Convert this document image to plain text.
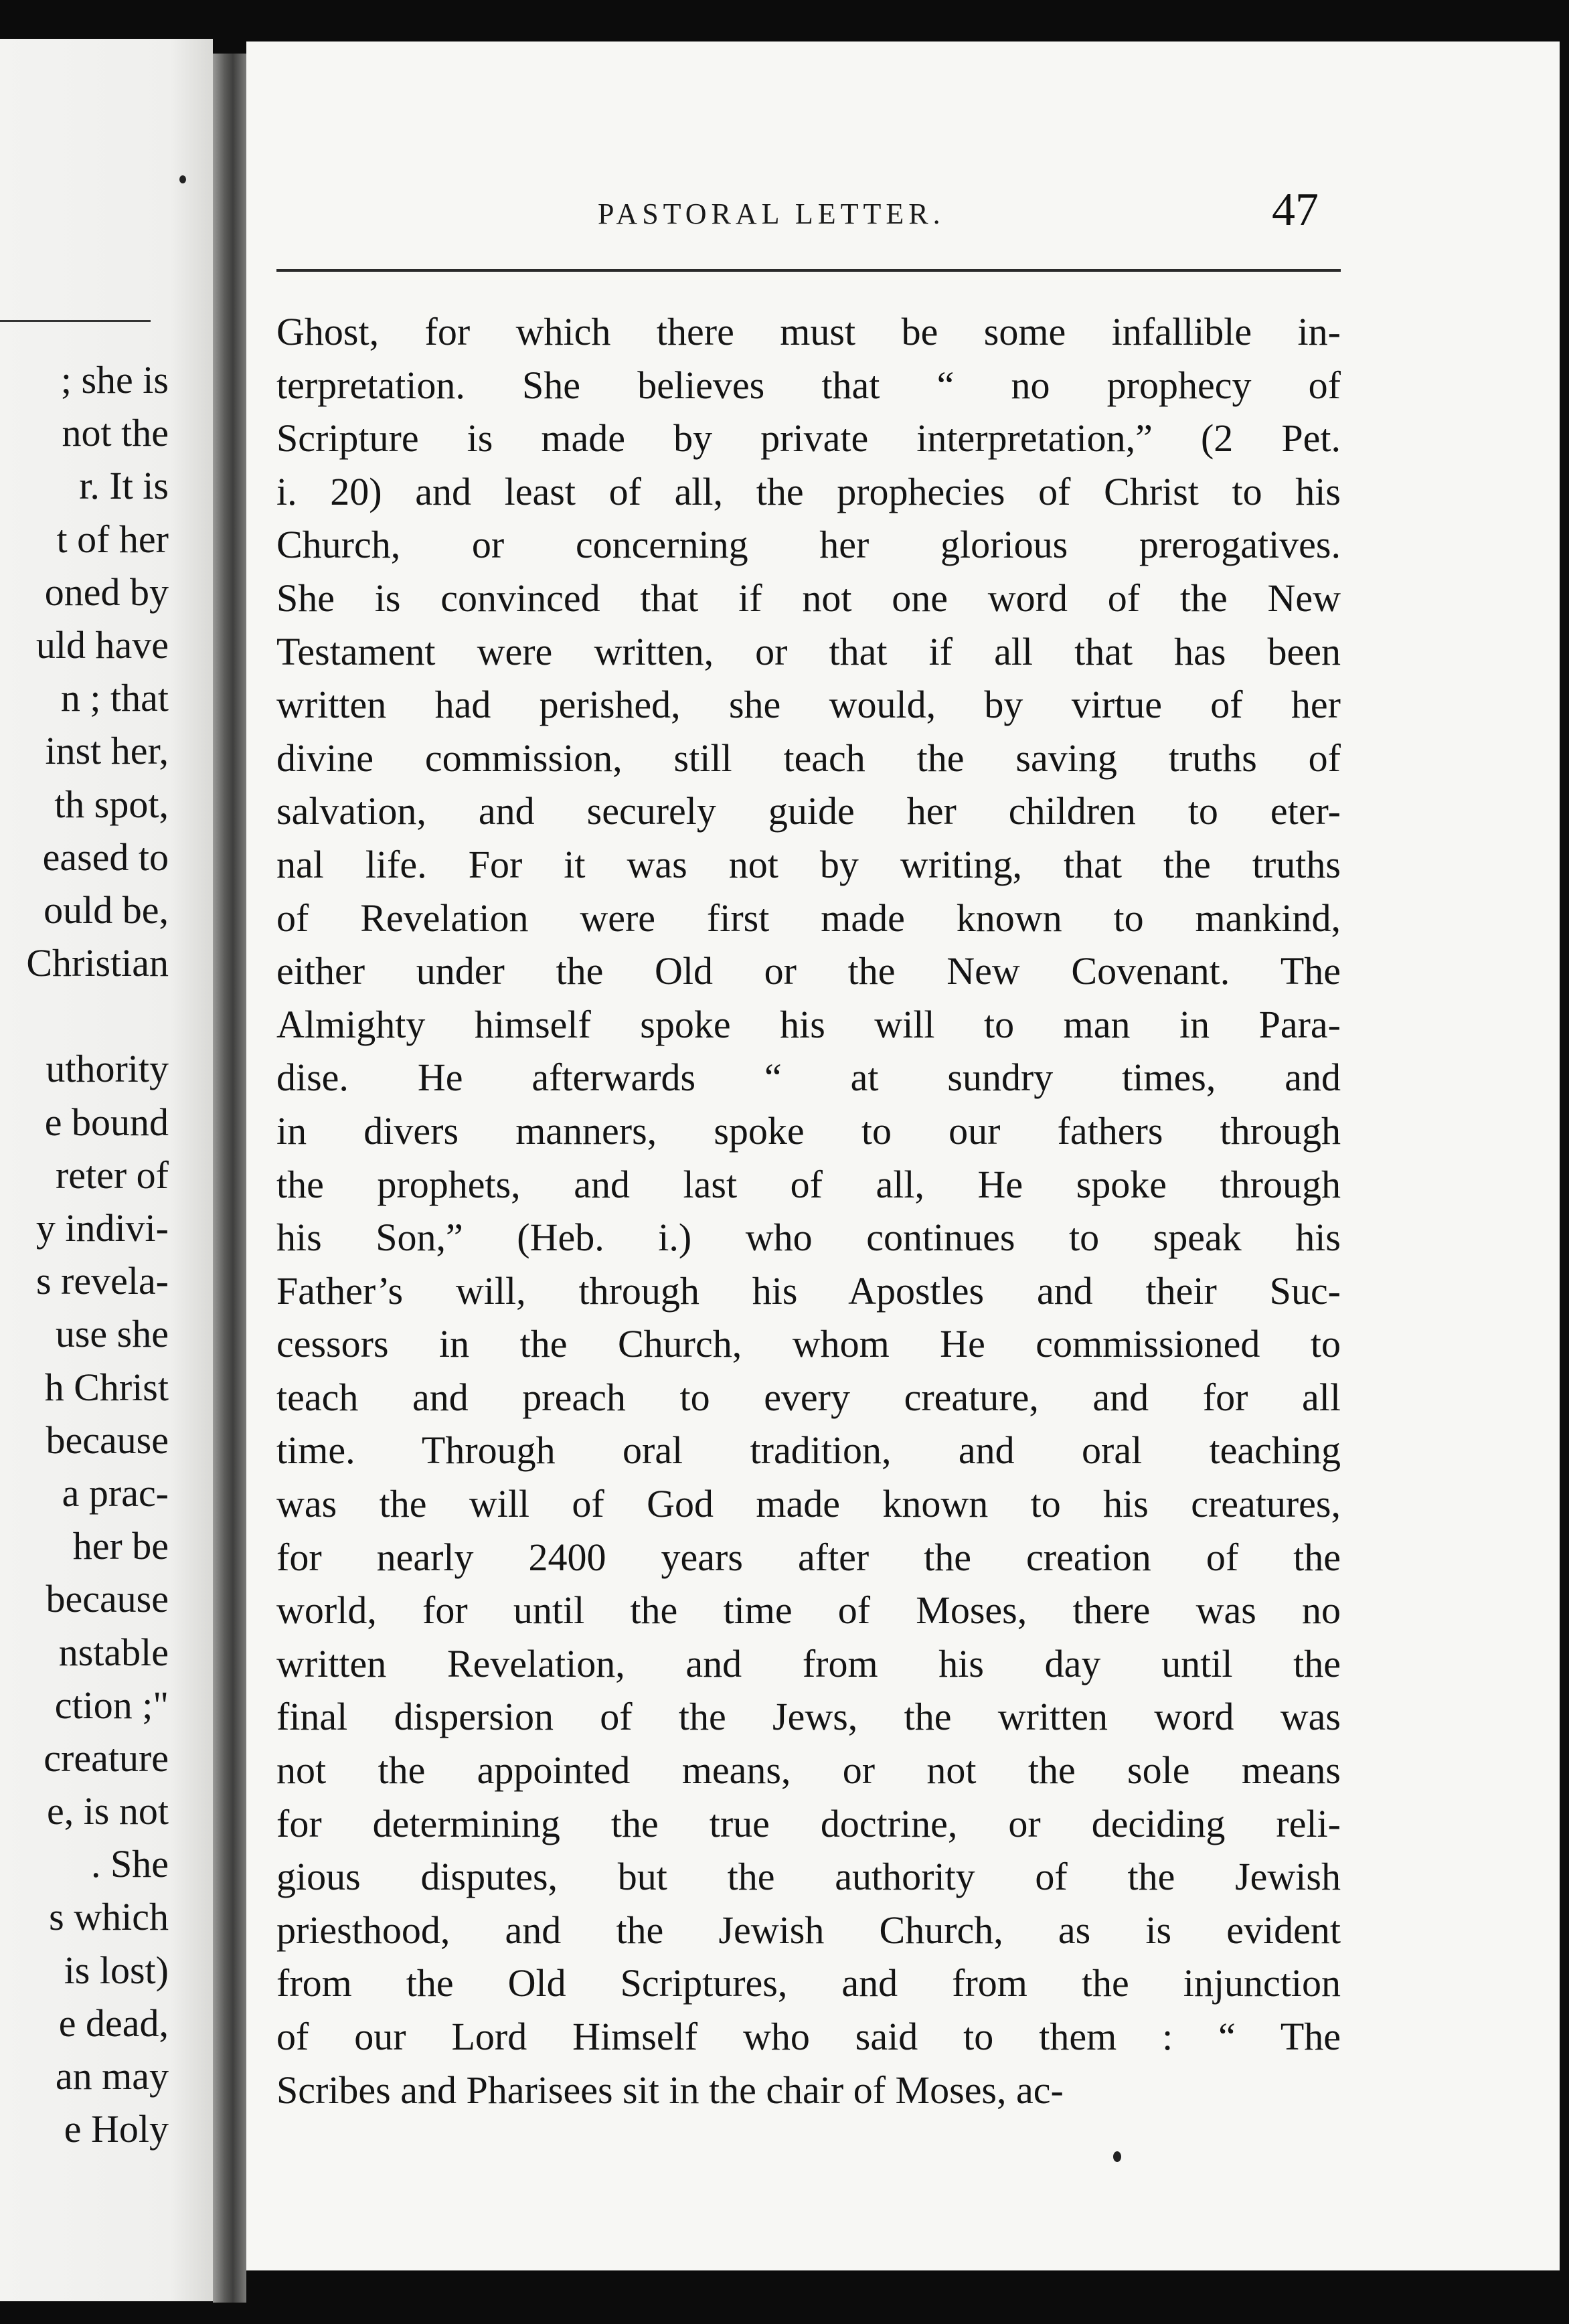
; she is
not the
r. It is
t of her
oned by
uld have
n ; that
inst her,
th spot,
eased to
ould be,
Christian
uthority
e bound
reter of
y indivi-
s revela-
use she
h Christ
because
a prac-
her be
because
nstable
ction ;"
creature
e, is not
. She
s which
is lost)
e dead,
an may
e Holy
PASTORAL LETTER.	47
Ghost, for which there must be some infallible in-
terpretation. She believes that “ no prophecy of
Scripture is made by private interpretation,” (2 Pet.
i. 20) and least of all, the prophecies of Christ to his
Church, or concerning her glorious prerogatives.
She is convinced that if not one word of the New
Testament were written, or that if all that has been
written had perished, she would, by virtue of her
divine commission, still teach the saving truths of
salvation, and securely guide her children to eter-
nal life. For it was not by writing, that the truths
of Revelation were first made known to mankind,
either under the Old or the New Covenant. The
Almighty himself spoke his will to man in Para-
dise. He afterwards “ at sundry times, and
in divers manners, spoke to our fathers through
the prophets, and last of all, He spoke through
his Son,” (Heb. i.) who continues to speak his
Father’s will, through his Apostles and their Suc-
cessors in the Church, whom He commissioned to
teach and preach to every creature, and for all
time. Through oral tradition, and oral teaching
was the will of God made known to his creatures,
for nearly 2400 years after the creation of the
world, for until the time of Moses, there was no
written Revelation, and from his day until the
final dispersion of the Jews, the written word was
not the appointed means, or not the sole means
for determining the true doctrine, or deciding reli-
gious disputes, but the authority of the Jewish
priesthood, and the Jewish Church, as is evident
from the Old Scriptures, and from the injunction
of our Lord Himself who said to them : “ The
Scribes and Pharisees sit in the chair of Moses, ac-
